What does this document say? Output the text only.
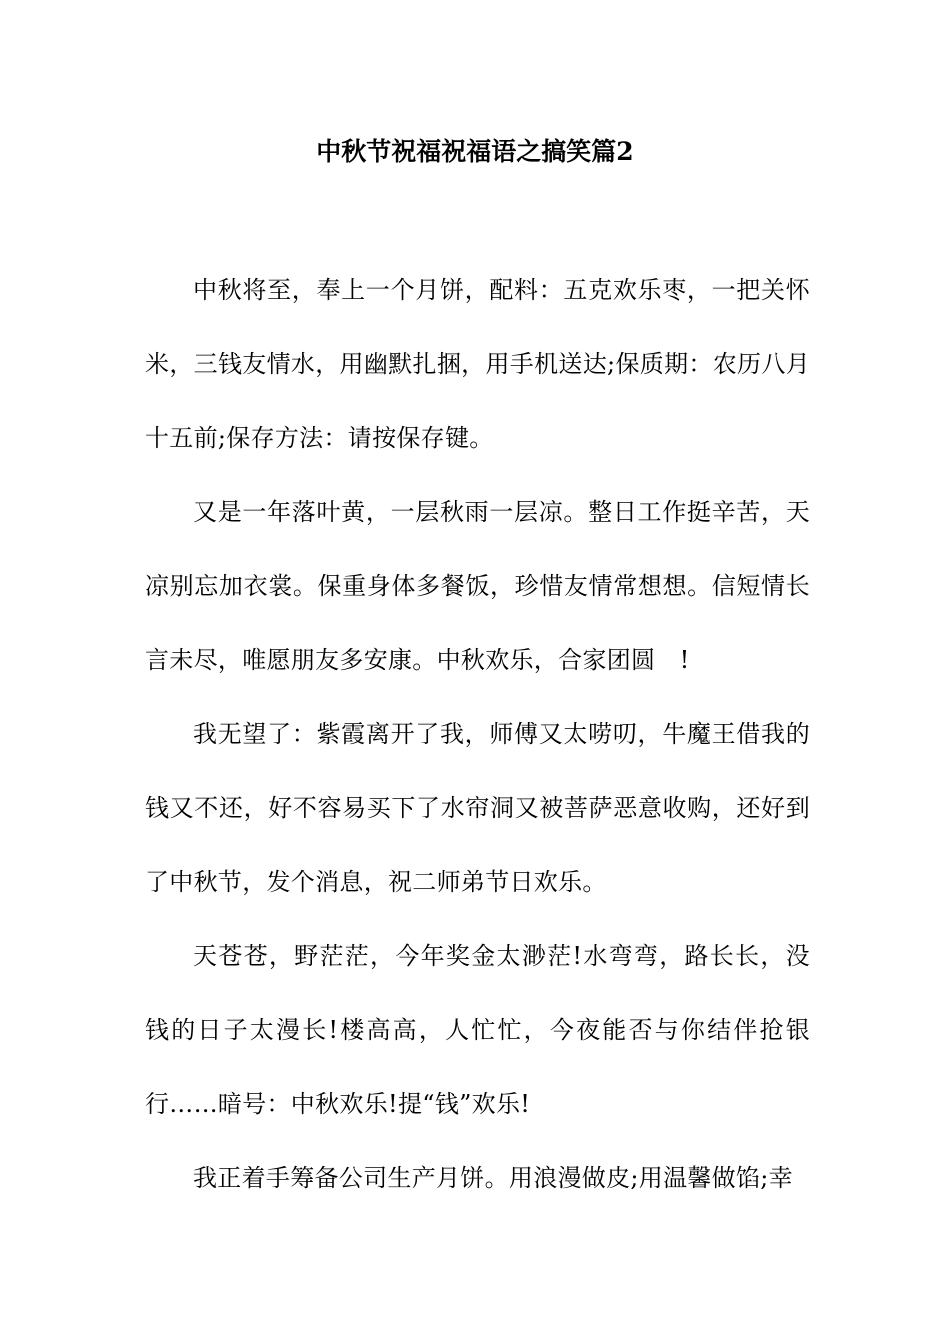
中秋节祝福祝福语之搞笑篇2

中秋将至，奉上一个月饼，配料：五克欢乐枣，一把关怀米，三钱友情水，用幽默扎捆，用手机送达;保质期：农历八月十五前;保存方法：请按保存键。

又是一年落叶黄，一层秋雨一层凉。整日工作挺辛苦，天凉别忘加衣裳。保重身体多餐饭，珍惜友情常想想。信短情长言未尽，唯愿朋友多安康。中秋欢乐，合家团圆　!

我无望了：紫霞离开了我，师傅又太唠叨，牛魔王借我的钱又不还，好不容易买下了水帘洞又被菩萨恶意收购，还好到了中秋节，发个消息，祝二师弟节日欢乐。

天苍苍，野茫茫，今年奖金太渺茫!水弯弯，路长长，没钱的日子太漫长!楼高高，人忙忙，今夜能否与你结伴抢银行……暗号：中秋欢乐!提“钱”欢乐!

我正着手筹备公司生产月饼。用浪漫做皮;用温馨做馅;幸
